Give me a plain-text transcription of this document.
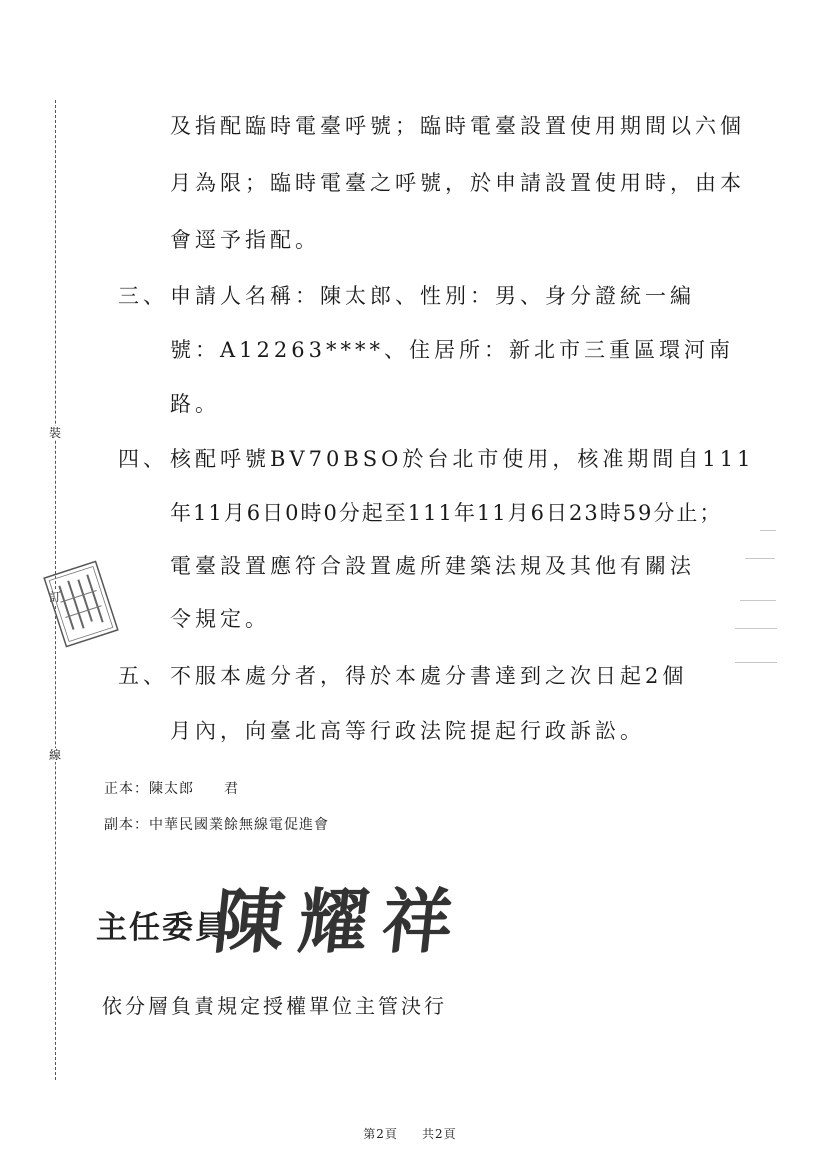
裝
訂
線
及指配臨時電臺呼號；臨時電臺設置使用期間以六個
月為限；臨時電臺之呼號，於申請設置使用時，由本
會逕予指配。
三、 申請人名稱：陳太郎、性別：男、身分證統一編
號：A12263****、住居所：新北市三重區環河南
路。
四、 核配呼號BV70BSO於台北市使用，核准期間自111
年11月6日0時0分起至111年11月6日23時59分止；
電臺設置應符合設置處所建築法規及其他有關法
令規定。
五、 不服本處分者，得於本處分書達到之次日起2個
月內，向臺北高等行政法院提起行政訴訟。
正本：陳太郎　　君
副本：中華民國業餘無線電促進會
主任委員
陳耀祥
依分層負責規定授權單位主管決行
第2頁 共2頁
